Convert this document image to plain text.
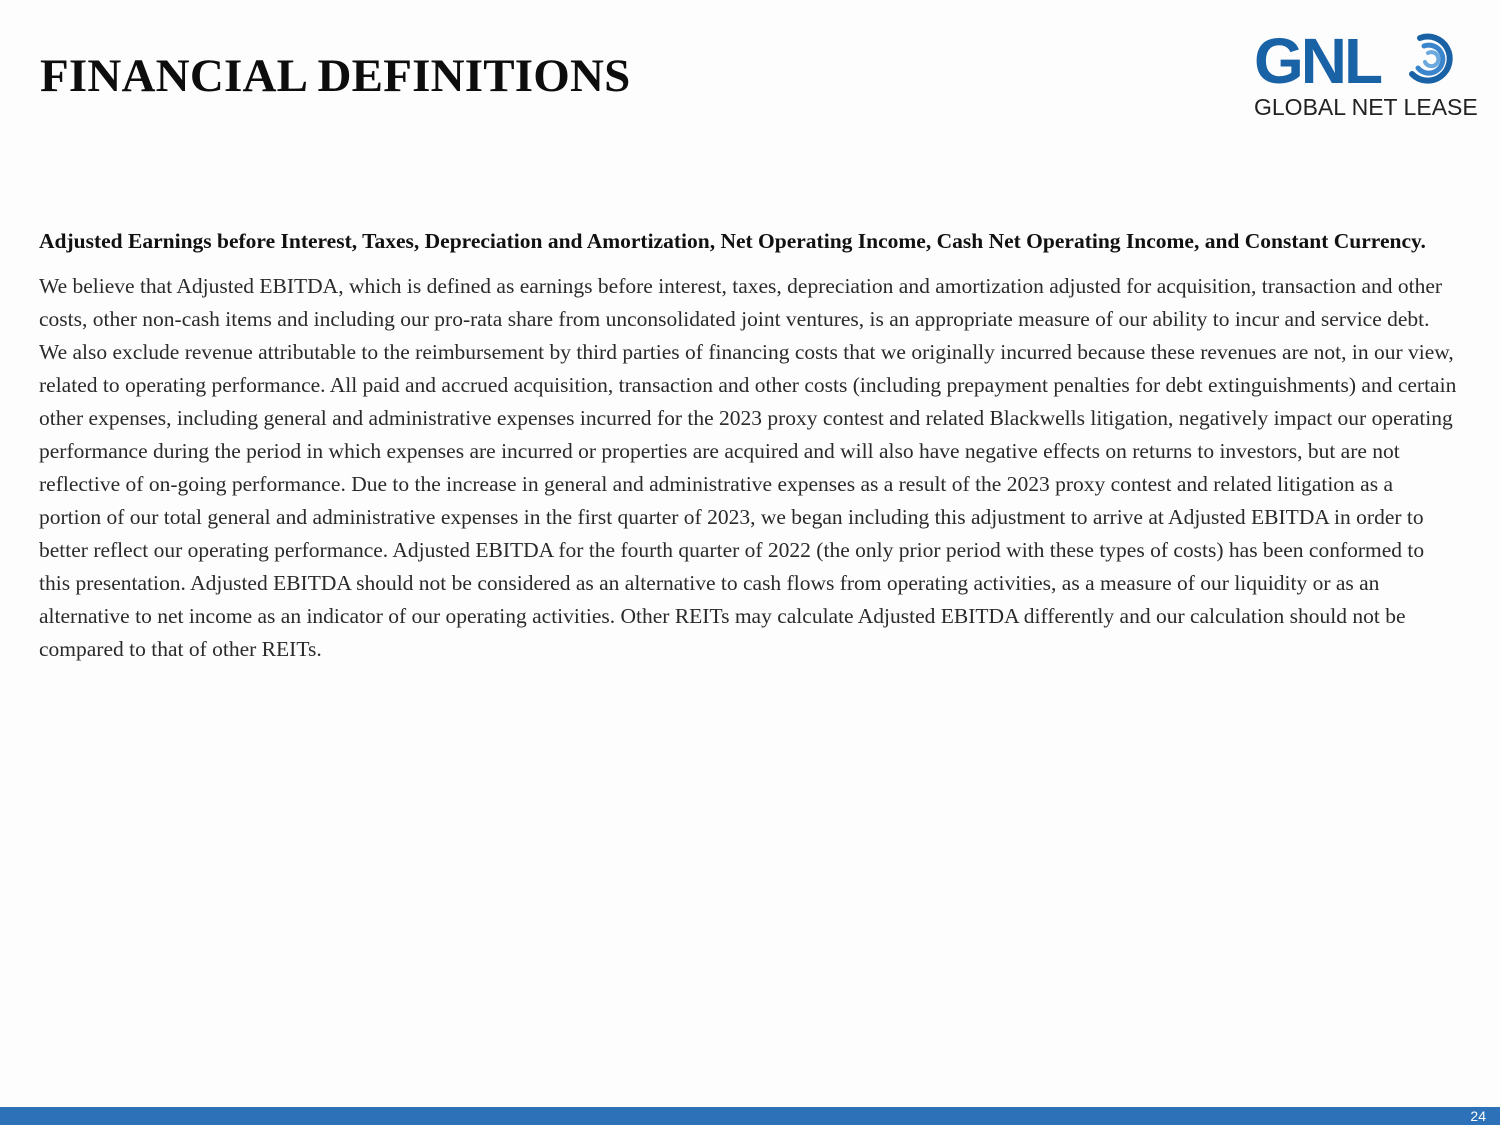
FINANCIAL DEFINITIONS	GNL
GLOBAL NET LEASE

Adjusted Earnings before Interest, Taxes, Depreciation and Amortization, Net Operating Income, Cash Net Operating Income, and Constant Currency.

We believe that Adjusted EBITDA, which is defined as earnings before interest, taxes, depreciation and amortization adjusted for acquisition, transaction and other costs, other non-cash items and including our pro-rata share from unconsolidated joint ventures, is an appropriate measure of our ability to incur and service debt. We also exclude revenue attributable to the reimbursement by third parties of financing costs that we originally incurred because these revenues are not, in our view, related to operating performance. All paid and accrued acquisition, transaction and other costs (including prepayment penalties for debt extinguishments) and certain other expenses, including general and administrative expenses incurred for the 2023 proxy contest and related Blackwells litigation, negatively impact our operating performance during the period in which expenses are incurred or properties are acquired and will also have negative effects on returns to investors, but are not reflective of on-going performance. Due to the increase in general and administrative expenses as a result of the 2023 proxy contest and related litigation as a portion of our total general and administrative expenses in the first quarter of 2023, we began including this adjustment to arrive at Adjusted EBITDA in order to better reflect our operating performance. Adjusted EBITDA for the fourth quarter of 2022 (the only prior period with these types of costs) has been conformed to this presentation. Adjusted EBITDA should not be considered as an alternative to cash flows from operating activities, as a measure of our liquidity or as an alternative to net income as an indicator of our operating activities. Other REITs may calculate Adjusted EBITDA differently and our calculation should not be compared to that of other REITs.

24
